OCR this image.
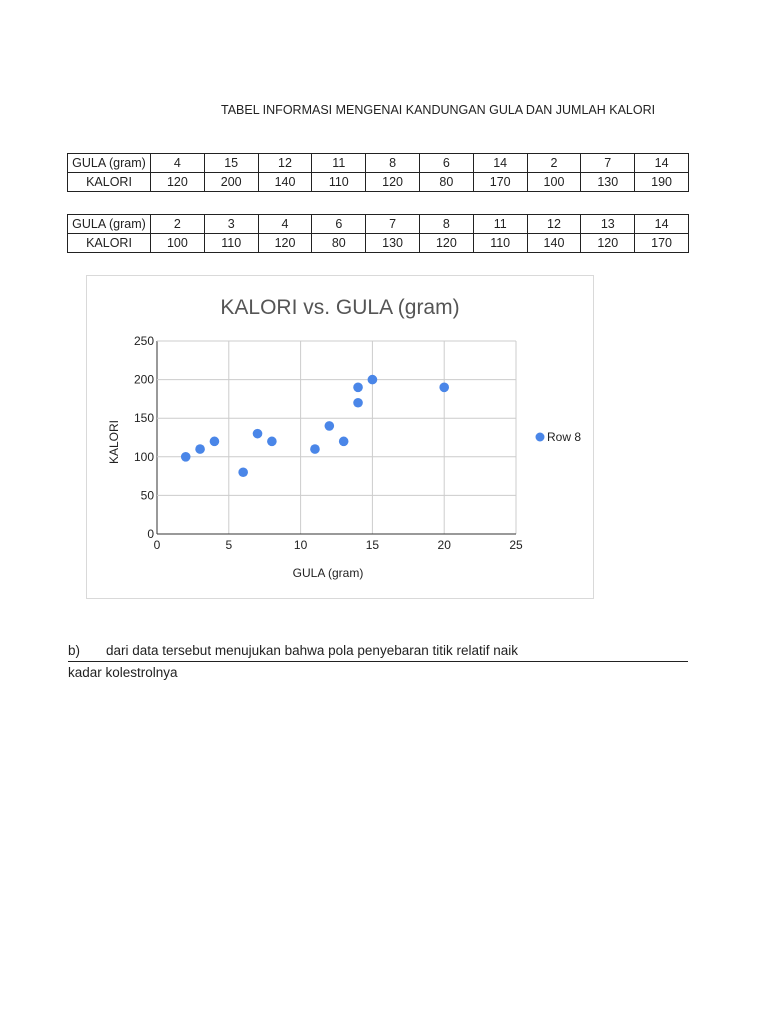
TABEL INFORMASI MENGENAI KANDUNGAN GULA DAN JUMLAH KALORI
GULA (gram)	4	15	12	11	8	6	14	2	7	14
KALORI	120	200	140	110	120	80	170	100	130	190
GULA (gram)	2	3	4	6	7	8	11	12	13	14
KALORI	100	110	120	80	130	120	110	140	120	170
KALORI vs. GULA (gram)
0	5	10	15	20	25
0
50
100
150
200
250
GULA (gram)
KALORI	Row 8
b) dari data tersebut menujukan bahwa pola penyebaran titik relatif naik
kadar kolestrolnya
